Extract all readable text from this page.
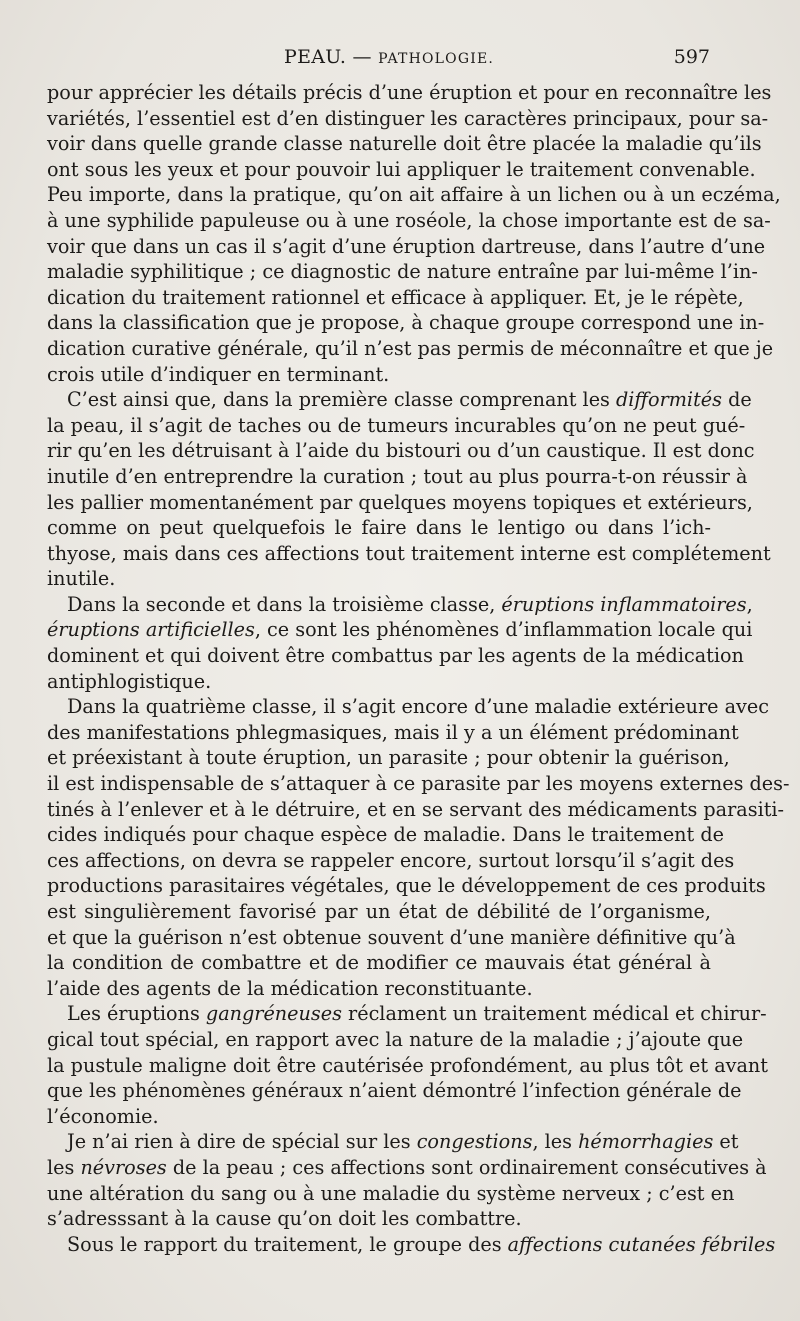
PEAU. — PATHOLOGIE.	597
pour apprécier les détails précis d’une éruption et pour en reconnaître les
variétés, l’essentiel est d’en distinguer les caractères principaux, pour sa-
voir dans quelle grande classe naturelle doit être placée la maladie qu’ils
ont sous les yeux et pour pouvoir lui appliquer le traitement convenable.
Peu importe, dans la pratique, qu’on ait affaire à un lichen ou à un eczéma,
à une syphilide papuleuse ou à une roséole, la chose importante est de sa-
voir que dans un cas il s’agit d’une éruption dartreuse, dans l’autre d’une
maladie syphilitique ; ce diagnostic de nature entraîne par lui-même l’in-
dication du traitement rationnel et efficace à appliquer. Et, je le répète,
dans la classification que je propose, à chaque groupe correspond une in-
dication curative générale, qu’il n’est pas permis de méconnaître et que je
crois utile d’indiquer en terminant.
C’est ainsi que, dans la première classe comprenant les difformités de
la peau, il s’agit de taches ou de tumeurs incurables qu’on ne peut gué-
rir qu’en les détruisant à l’aide du bistouri ou d’un caustique. Il est donc
inutile d’en entreprendre la curation ; tout au plus pourra-t-on réussir à
les pallier momentanément par quelques moyens topiques et extérieurs,
comme on peut quelquefois le faire dans le lentigo ou dans l’ich-
thyose, mais dans ces affections tout traitement interne est complétement
inutile.
Dans la seconde et dans la troisième classe, éruptions inflammatoires,
éruptions artificielles, ce sont les phénomènes d’inflammation locale qui
dominent et qui doivent être combattus par les agents de la médication
antiphlogistique.
Dans la quatrième classe, il s’agit encore d’une maladie extérieure avec
des manifestations phlegmasiques, mais il y a un élément prédominant
et préexistant à toute éruption, un parasite ; pour obtenir la guérison,
il est indispensable de s’attaquer à ce parasite par les moyens externes des-
tinés à l’enlever et à le détruire, et en se servant des médicaments parasiti-
cides indiqués pour chaque espèce de maladie. Dans le traitement de
ces affections, on devra se rappeler encore, surtout lorsqu’il s’agit des
productions parasitaires végétales, que le développement de ces produits
est singulièrement favorisé par un état de débilité de l’organisme,
et que la guérison n’est obtenue souvent d’une manière définitive qu’à
la condition de combattre et de modifier ce mauvais état général à
l’aide des agents de la médication reconstituante.
Les éruptions gangréneuses réclament un traitement médical et chirur-
gical tout spécial, en rapport avec la nature de la maladie ; j’ajoute que
la pustule maligne doit être cautérisée profondément, au plus tôt et avant
que les phénomènes généraux n’aient démontré l’infection générale de
l’économie.
Je n’ai rien à dire de spécial sur les congestions, les hémorrhagies et
les névroses de la peau ; ces affections sont ordinairement consécutives à
une altération du sang ou à une maladie du système nerveux ; c’est en
s’adresssant à la cause qu’on doit les combattre.
Sous le rapport du traitement, le groupe des affections cutanées fébriles
